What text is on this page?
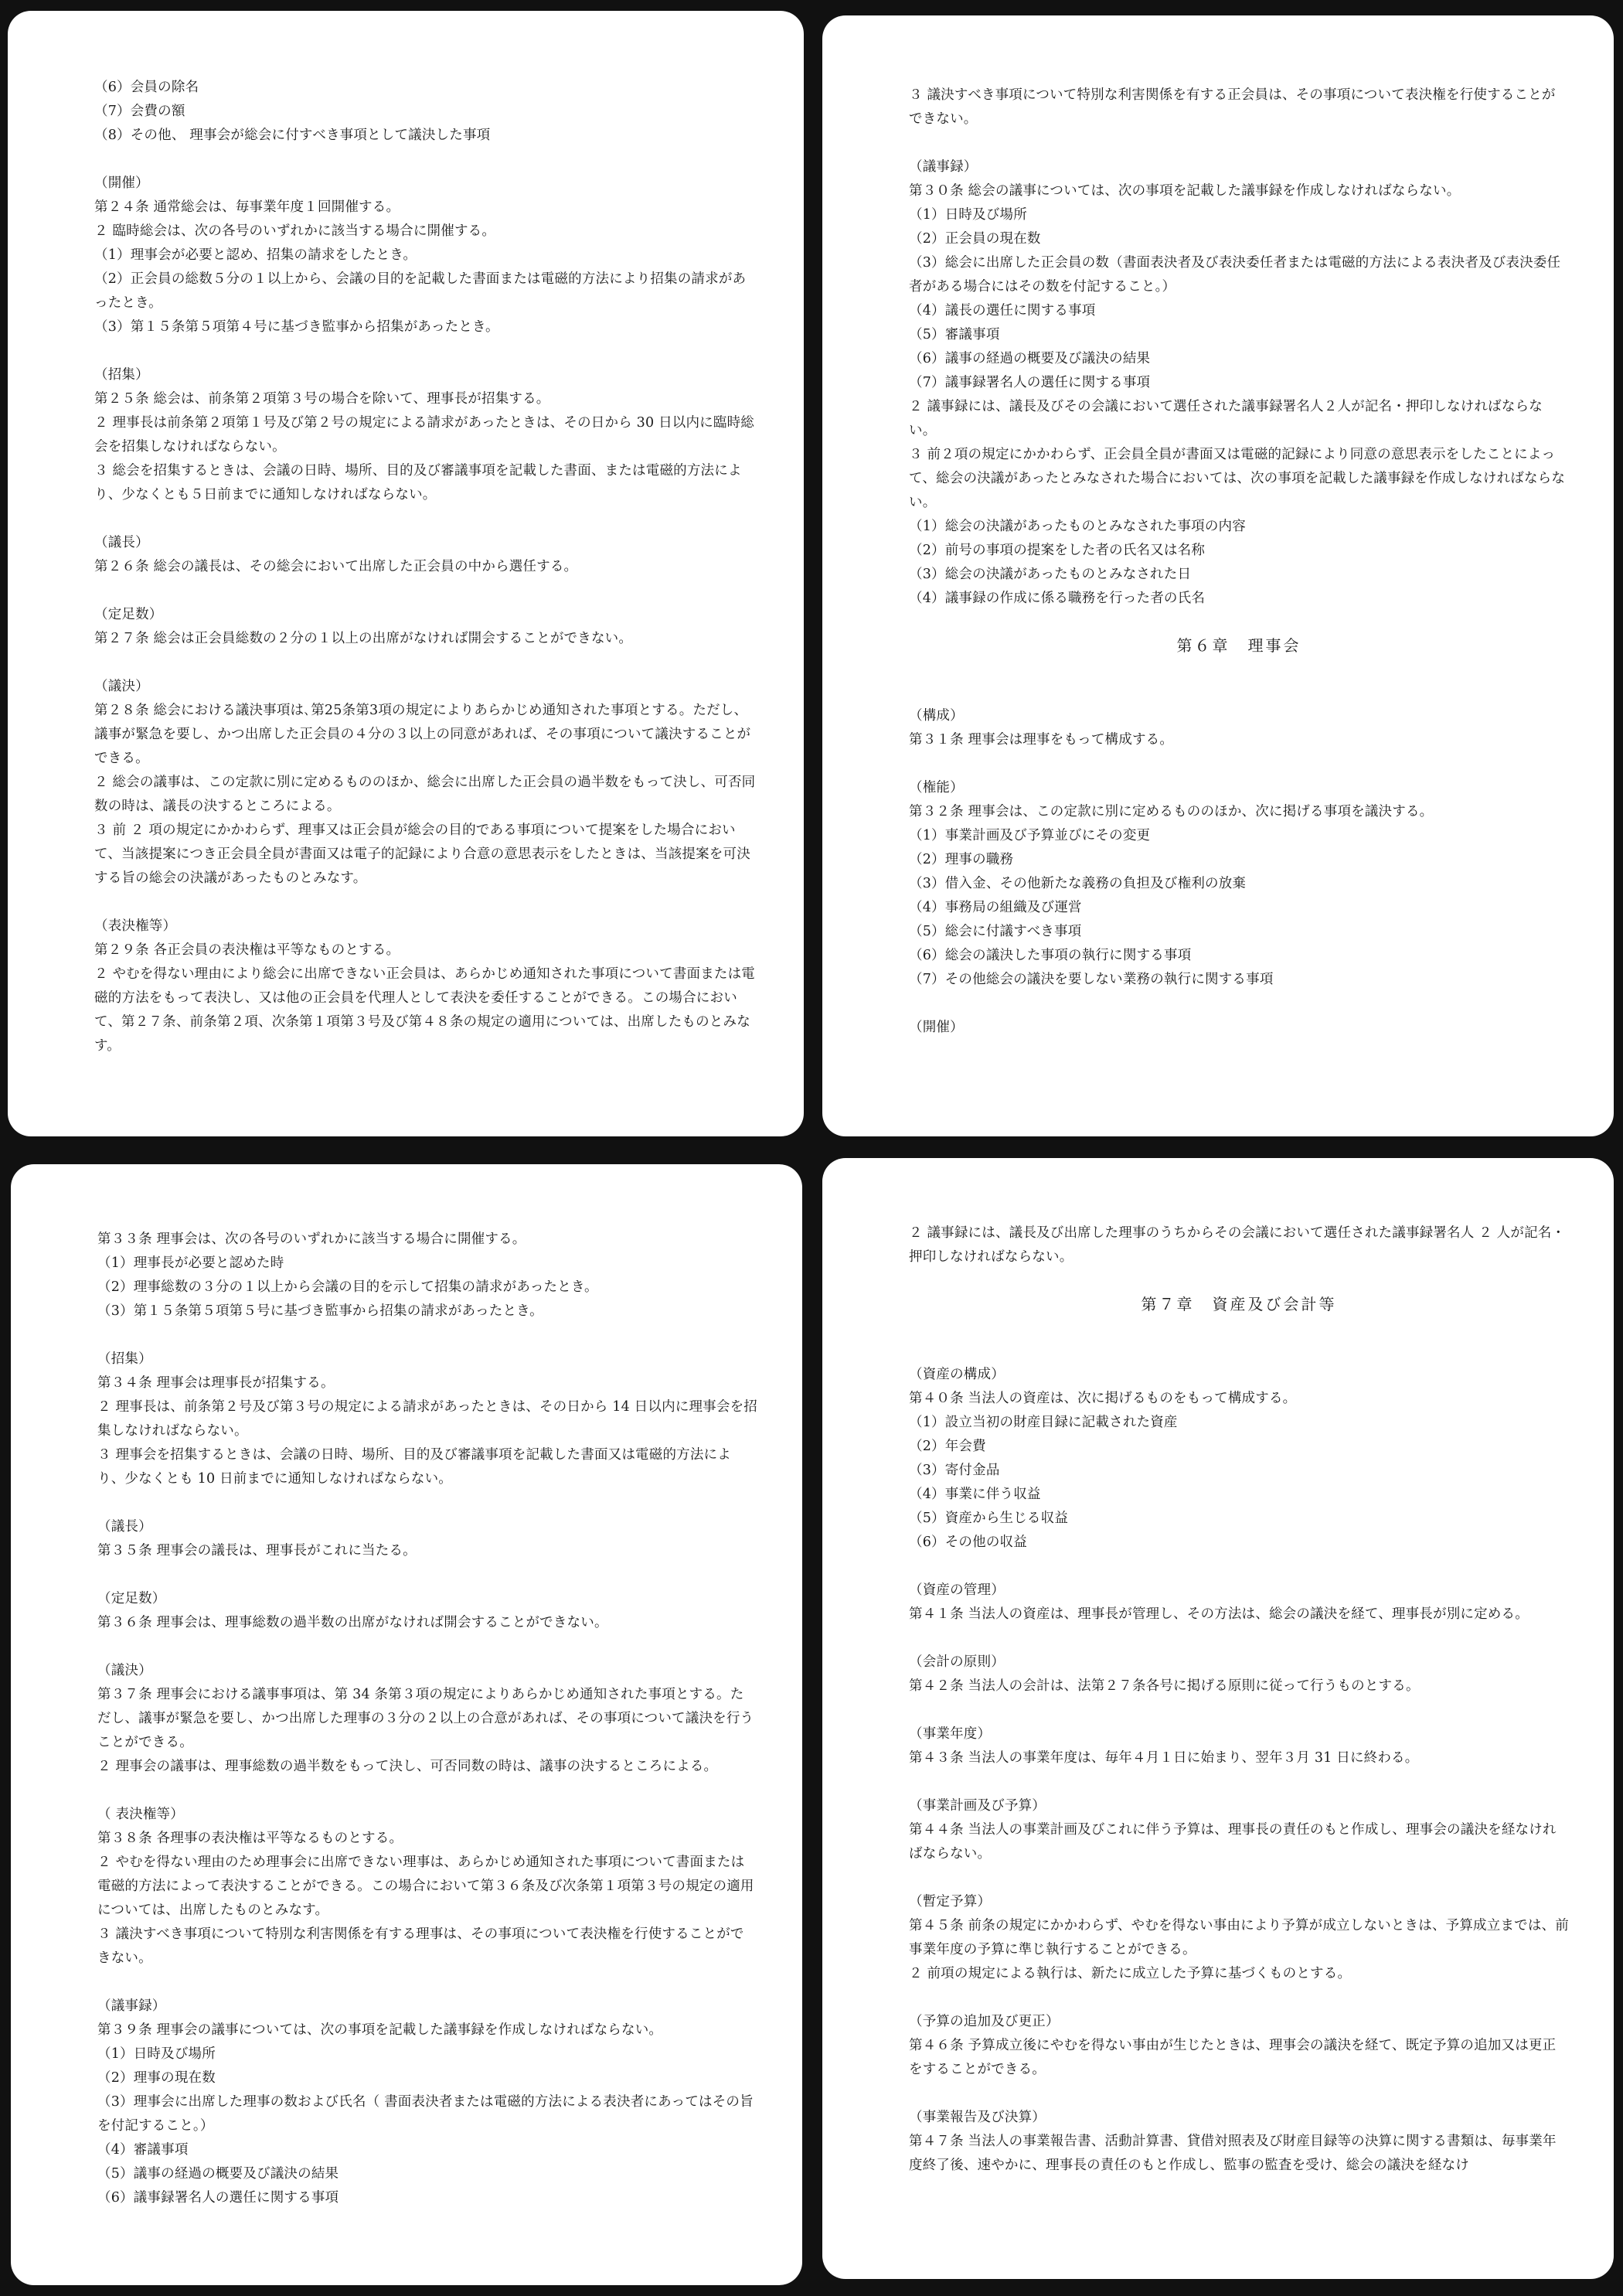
（6）会員の除名

（7）会費の額

（8）その他、 理事会が総会に付すべき事項として議決した事項

（開催）

第２４条 通常総会は、毎事業年度１回開催する。

２ 臨時総会は、次の各号のいずれかに該当する場合に開催する。

（1）理事会が必要と認め、招集の請求をしたとき。

（2）正会員の総数５分の１以上から、会議の目的を記載した書面または電磁的方法により招集の請求があったとき。

（3）第１５条第５項第４号に基づき監事から招集があったとき。

（招集）

第２５条 総会は、前条第２項第３号の場合を除いて、理事長が招集する。

２ 理事長は前条第２項第１号及び第２号の規定による請求があったときは、その日から 30 日以内に臨時総会を招集しなければならない。

３ 総会を招集するときは、会議の日時、場所、目的及び審議事項を記載した書面、または電磁的方法により、少なくとも５日前までに通知しなければならない。

（議長）

第２６条 総会の議長は、その総会において出席した正会員の中から選任する。

（定足数）

第２７条 総会は正会員総数の２分の１以上の出席がなければ開会することができない。

（議決）

第２８条 総会における議決事項は､第25条第3項の規定によりあらかじめ通知された事項とする。ただし、議事が緊急を要し、かつ出席した正会員の４分の３以上の同意があれば、その事項について議決することができる。

２ 総会の議事は、この定款に別に定めるもののほか、総会に出席した正会員の過半数をもって決し、可否同数の時は、議長の決するところによる。

３ 前 ２ 項の規定にかかわらず、理事又は正会員が総会の目的である事項について提案をした場合において、当該提案につき正会員全員が書面又は電子的記録により合意の意思表示をしたときは、当該提案を可決する旨の総会の決議があったものとみなす。

（表決権等）

第２９条 各正会員の表決権は平等なものとする。

２ やむを得ない理由により総会に出席できない正会員は、あらかじめ通知された事項について書面または電磁的方法をもって表決し、又は他の正会員を代理人として表決を委任することができる。この場合において、第２７条、前条第２項、次条第１項第３号及び第４８条の規定の適用については、出席したものとみなす。

３ 議決すべき事項について特別な利害関係を有する正会員は、その事項について表決権を行使することができない。

（議事録）

第３０条 総会の議事については、次の事項を記載した議事録を作成しなければならない。

（1）日時及び場所

（2）正会員の現在数

（3）総会に出席した正会員の数（書面表決者及び表決委任者または電磁的方法による表決者及び表決委任者がある場合にはその数を付記すること。）

（4）議長の選任に関する事項

（5）審議事項

（6）議事の経過の概要及び議決の結果

（7）議事録署名人の選任に関する事項

２ 議事録には、議長及びその会議において選任された議事録署名人２人が記名・押印しなければならない。

３ 前２項の規定にかかわらず、正会員全員が書面又は電磁的記録により同意の意思表示をしたことによって、総会の決議があったとみなされた場合においては、次の事項を記載した議事録を作成しなければならない。

（1）総会の決議があったものとみなされた事項の内容

（2）前号の事項の提案をした者の氏名又は名称

（3）総会の決議があったものとみなされた日

（4）議事録の作成に係る職務を行った者の氏名

第６章　理事会

（構成）

第３１条 理事会は理事をもって構成する。

（権能）

第３２条 理事会は、この定款に別に定めるもののほか、次に掲げる事項を議決する。

（1）事業計画及び予算並びにその変更

（2）理事の職務

（3）借入金、その他新たな義務の負担及び権利の放棄

（4）事務局の組織及び運営

（5）総会に付議すべき事項

（6）総会の議決した事項の執行に関する事項

（7）その他総会の議決を要しない業務の執行に関する事項

（開催）

第３３条 理事会は、次の各号のいずれかに該当する場合に開催する。

（1）理事長が必要と認めた時

（2）理事総数の３分の１以上から会議の目的を示して招集の請求があったとき。

（3）第１５条第５項第５号に基づき監事から招集の請求があったとき。

（招集）

第３４条 理事会は理事長が招集する。

２ 理事長は、前条第２号及び第３号の規定による請求があったときは、その日から 14 日以内に理事会を招集しなければならない。

３ 理事会を招集するときは、会議の日時、場所、目的及び審議事項を記載した書面又は電磁的方法により、少なくとも 10 日前までに通知しなければならない。

（議長）

第３５条 理事会の議長は、理事長がこれに当たる。

（定足数）

第３６条 理事会は、理事総数の過半数の出席がなければ開会することができない。

（議決）

第３７条 理事会における議事事項は、第 34 条第３項の規定によりあらかじめ通知された事項とする。ただし、議事が緊急を要し、かつ出席した理事の３分の２以上の合意があれば、その事項について議決を行うことができる。

２ 理事会の議事は、理事総数の過半数をもって決し、可否同数の時は、議事の決するところによる。

（ 表決権等）

第３８条 各理事の表決権は平等なるものとする。

２ やむを得ない理由のため理事会に出席できない理事は、あらかじめ通知された事項について書面または電磁的方法によって表決することができる。この場合において第３６条及び次条第１項第３号の規定の適用については、出席したものとみなす。

３ 議決すべき事項について特別な利害関係を有する理事は、その事項について表決権を行使することができない。

（議事録）

第３９条 理事会の議事については、次の事項を記載した議事録を作成しなければならない。

（1）日時及び場所

（2）理事の現在数

（3）理事会に出席した理事の数および氏名（ 書面表決者または電磁的方法による表決者にあってはその旨を付記すること。）

（4）審議事項

（5）議事の経過の概要及び議決の結果

（6）議事録署名人の選任に関する事項

２ 議事録には、議長及び出席した理事のうちからその会議において選任された議事録署名人 ２ 人が記名・押印しなければならない。

第７章　資産及び会計等

（資産の構成）

第４０条 当法人の資産は、次に掲げるものをもって構成する。

（1）設立当初の財産目録に記載された資産

（2）年会費

（3）寄付金品

（4）事業に伴う収益

（5）資産から生じる収益

（6）その他の収益

（資産の管理）

第４１条 当法人の資産は、理事長が管理し、その方法は、総会の議決を経て、理事長が別に定める。

（会計の原則）

第４２条 当法人の会計は、法第２７条各号に掲げる原則に従って行うものとする。

（事業年度）

第４３条 当法人の事業年度は、毎年４月１日に始まり、翌年３月 31 日に終わる。

（事業計画及び予算）

第４４条 当法人の事業計画及びこれに伴う予算は、理事長の責任のもと作成し、理事会の議決を経なければならない。

（暫定予算）

第４５条 前条の規定にかかわらず、やむを得ない事由により予算が成立しないときは、予算成立までは、前事業年度の予算に準じ執行することができる。

２ 前項の規定による執行は、新たに成立した予算に基づくものとする。

（予算の追加及び更正）

第４６条 予算成立後にやむを得ない事由が生じたときは、理事会の議決を経て、既定予算の追加又は更正をすることができる。

（事業報告及び決算）

第４７条 当法人の事業報告書、活動計算書、貸借対照表及び財産目録等の決算に関する書類は、毎事業年度終了後、速やかに、理事長の責任のもと作成し、監事の監査を受け、総会の議決を経なけ
